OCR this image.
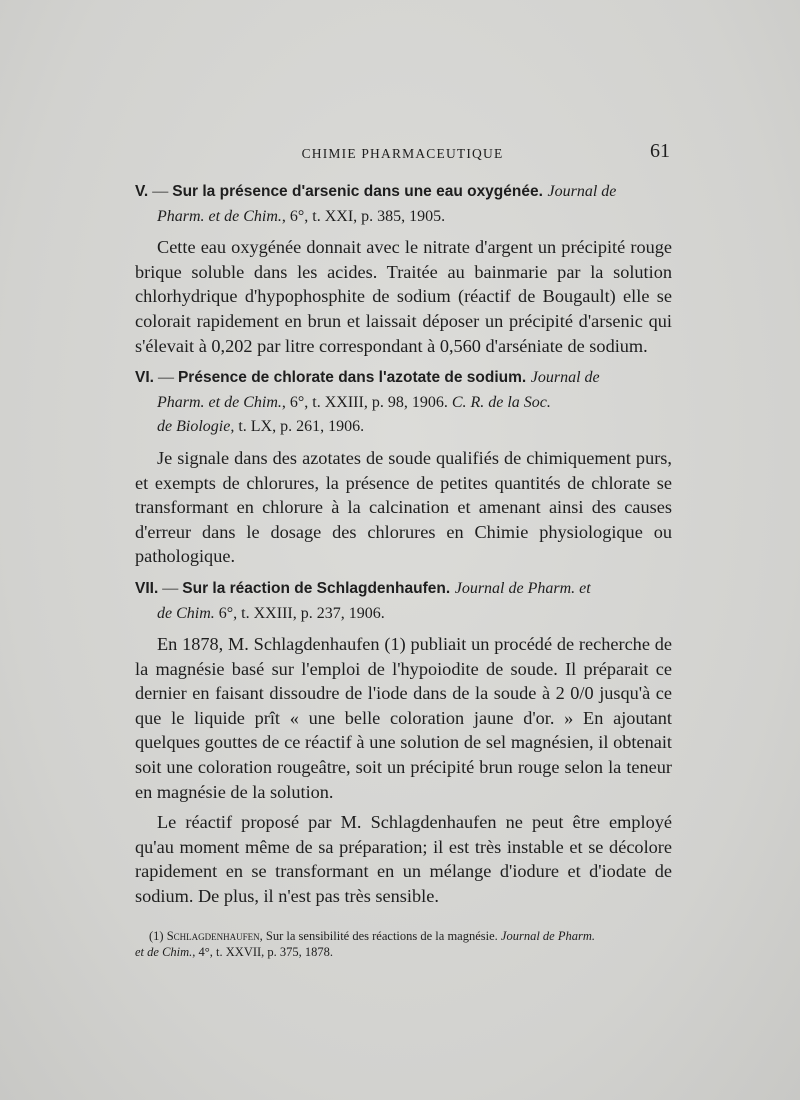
CHIMIE PHARMACEUTIQUE	61
V. — Sur la présence d'arsenic dans une eau oxygénée. Journal de
Pharm. et de Chim., 6°, t. XXI, p. 385, 1905.

Cette eau oxygénée donnait avec le nitrate d'argent un précipité rouge brique soluble dans les acides. Traitée au bainmarie par la solution chlorhydrique d'hypophosphite de sodium (réactif de Bougault) elle se colorait rapidement en brun et laissait déposer un précipité d'arsenic qui s'élevait à 0,202 par litre correspondant à 0,560 d'arséniate de sodium.

VI. — Présence de chlorate dans l'azotate de sodium. Journal de
Pharm. et de Chim., 6°, t. XXIII, p. 98, 1906. C. R. de la Soc.
de Biologie, t. LX, p. 261, 1906.

Je signale dans des azotates de soude qualifiés de chimiquement purs, et exempts de chlorures, la présence de petites quantités de chlorate se transformant en chlorure à la calcination et amenant ainsi des causes d'erreur dans le dosage des chlorures en Chimie physiologique ou pathologique.

VII. — Sur la réaction de Schlagdenhaufen. Journal de Pharm. et
de Chim. 6°, t. XXIII, p. 237, 1906.

En 1878, M. Schlagdenhaufen (1) publiait un procédé de recherche de la magnésie basé sur l'emploi de l'hypoiodite de soude. Il préparait ce dernier en faisant dissoudre de l'iode dans de la soude à 2 0/0 jusqu'à ce que le liquide prît « une belle coloration jaune d'or. » En ajoutant quelques gouttes de ce réactif à une solution de sel magnésien, il obtenait soit une coloration rougeâtre, soit un précipité brun rouge selon la teneur en magnésie de la solution.

Le réactif proposé par M. Schlagdenhaufen ne peut être employé qu'au moment même de sa préparation; il est très instable et se décolore rapidement en se transformant en un mélange d'iodure et d'iodate de sodium. De plus, il n'est pas très sensible.

(1) Schlagdenhaufen, Sur la sensibilité des réactions de la magnésie. Journal de Pharm.
et de Chim., 4°, t. XXVII, p. 375, 1878.
